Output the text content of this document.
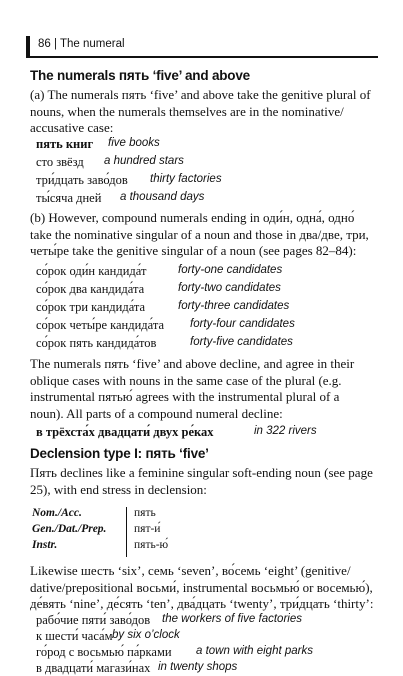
86 | The numeral
The numerals пять ‘five’ and above
(a) The numerals пять ‘five’ and above take the genitive plural of nouns, when the numerals themselves are in the nominative/ accusative case:
пять книг five books
сто звёзд a hundred stars
три́дцать заво́дов thirty factories
ты́сяча дней a thousand days
(b) However, compound numerals ending in оди́н, одна́, одно́ take the nominative singular of a noun and those in два/две, три, четы́ре take the genitive singular of a noun (see pages 82–84):
со́рок оди́н кандида́т	forty-one candidates
со́рок два кандида́та	forty-two candidates
со́рок три кандида́та	forty-three candidates
со́рок четы́ре кандида́та forty-four candidates
со́рок пять кандида́тов	forty-five candidates
The numerals пять ‘five’ and above decline, and agree in their oblique cases with nouns in the same case of the plural (e.g. instrumental пятью́ agrees with the instrumental plural of a noun). All parts of a compound numeral decline:
в трёхста́х двадцати́ двух ре́ках	in 322 rivers
Declension type I: пять ‘five’
Пять declines like a feminine singular soft-ending noun (see page 25), with end stress in declension:
Nom./Acc.	пять
Gen./Dat./Prep. пят-и́
Instr.	пять-ю́
Likewise шесть ‘six’, семь ‘seven’, во́семь ‘eight’ (genitive/ dative/prepositional восьми́, instrumental восьмью́ or восемью́), де́вять ‘nine’, де́сять ‘ten’, два́дцать ‘twenty’, три́дцать ‘thirty’:
рабо́чие пяти́ заво́дов the workers of five factories
к шести́ часа́м by six o’clock
го́род с восьмью́ па́рками a town with eight parks
в двадцати́ магази́нах in twenty shops
